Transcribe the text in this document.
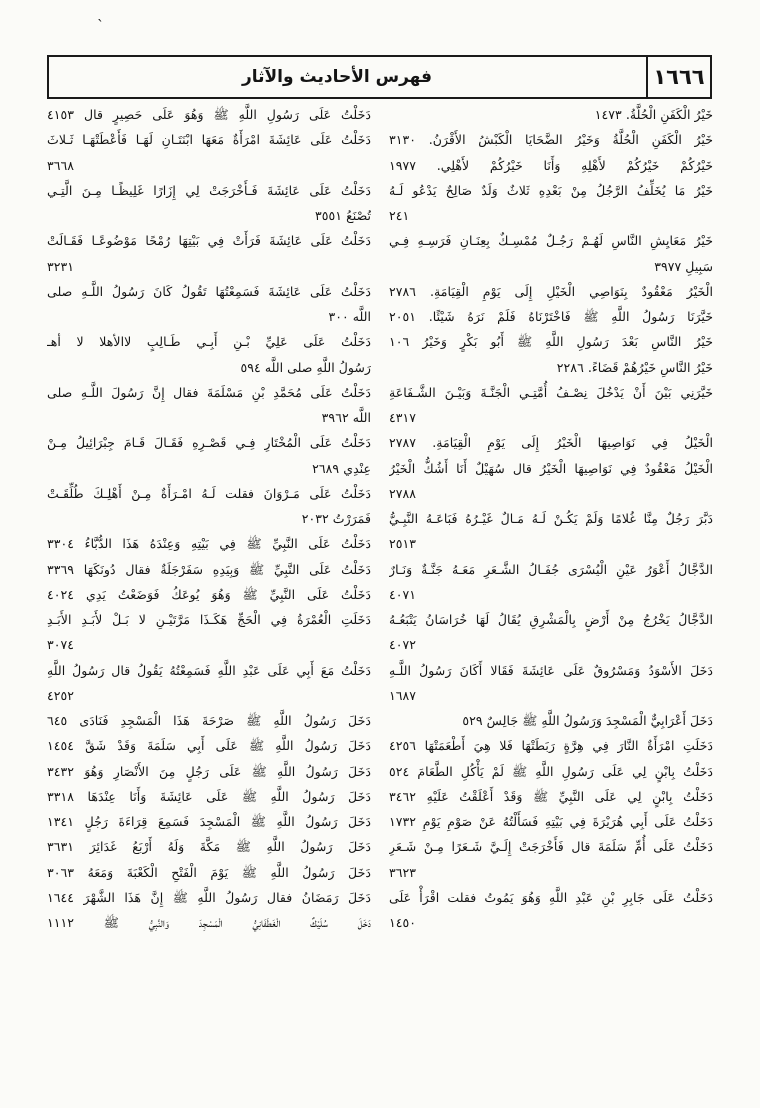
ˎ
١٦٦٦
فهرس الأحاديث والآثار
خَيْرُ الْكَفَنِ الْحُلَّةُ. ١٤٧٣
خَيْرُ الْكَفَنِ الْحُلَّةُ وَخَيْرُ الضَّحَايَا الْكَبْشُ الأَقْرَنُ. ٣١٣٠
خَيْرُكُمْ خَيْرُكُمْ لأَهْلِهِ وَأَنَا خَيْرُكُمْ لأَهْلِي. ١٩٧٧
خَيْرُ مَا يُخَلِّفُ الرَّجُلُ مِنْ بَعْدِهِ ثَلاثٌ وَلَدٌ صَالِحٌ يَدْعُو لَـهُ
٢٤١
خَيْرُ مَعَايِشِ النَّاسِ لَهُـمْ رَجُـلٌ مُمْسِـكٌ بِعِنَـانِ فَرَسِـهِ فِـي
سَبِيلِ ٣٩٧٧
الْخَيْرُ مَعْقُودٌ بِنَوَاصِي الْخَيْلِ إِلَى يَوْمِ الْقِيَامَةِ. ٢٧٨٦
خَيَّرَنَا رَسُولُ اللَّهِ ﷺ فَاخْتَرْنَاهُ فَلَمْ نَرَهُ شَيْئًا. ٢٠٥١
خَيْرُ النَّاسِ بَعْدَ رَسُولِ اللَّهِ ﷺ أَبُو بَكْرٍ وَخَيْرُ ١٠٦
خَيْرُ النَّاسِ خَيْرُهُمْ قَضَاءً. ٢٢٨٦
خَيَّرَنِي بَيْنَ أَنْ يَدْخُلَ نِصْـفُ أُمَّتِـي الْجَنَّـةَ وَبَيْـنَ الشَّـفَاعَةِ
٤٣١٧
الْخَيْلُ فِي نَوَاصِيهَا الْخَيْرُ إِلَى يَوْمِ الْقِيَامَةِ. ٢٧٨٧
الْخَيْلُ مَعْقُودٌ فِي نَوَاصِيهَا الْخَيْرُ قال سُهَيْلٌ أَنَا أَشُكُّ الْخَيْرُ
٢٧٨٨
دَبَّرَ رَجُلٌ مِنَّا غُلامًا وَلَمْ يَكُـنْ لَـهُ مَـالٌ غَيْـرُهُ فَبَاعَـهُ النَّبِـيُّ
٢٥١٣
الدَّجَّالُ أَعْوَرُ عَيْنِ الْيُسْرَى جُفَـالُ الشَّـعَرِ مَعَـهُ جَنَّـةٌ وَنَـارٌ
٤٠٧١
الدَّجَّالُ يَخْرُجُ مِنْ أَرْضٍ بِالْمَشْرِقِ يُقَالُ لَهَا خُرَاسَانُ يَتْبَعُـهُ
٤٠٧٢
دَخَلَ الأَسْوَدُ وَمَسْرُوقٌ عَلَى عَائِشَةَ فَقَالا أَكَانَ رَسُولُ اللَّـهِ
١٦٨٧
دَخَلَ أَعْرَابِيٌّ الْمَسْجِدَ وَرَسُولُ اللَّهِ ﷺ جَالِسٌ ٥٢٩
دَخَلَتِ امْرَأَةٌ النَّارَ فِي هِرَّةٍ رَبَطَتْهَا فَلا هِيَ أَطْعَمَتْهَا ٤٢٥٦
دَخَلْتُ بِابْنٍ لِي عَلَى رَسُولِ اللَّهِ ﷺ لَمْ يَأْكُلِ الطَّعَامَ ٥٢٤
دَخَلْتُ بِابْنٍ لِي عَلَى النَّبِيِّ ﷺ وَقَدْ أَعْلَقْتُ عَلَيْهِ ٣٤٦٢
دَخَلْتُ عَلَى أَبِي هُرَيْرَةَ فِي بَيْتِهِ فَسَأَلْتُهُ عَنْ صَوْمِ يَوْمِ ١٧٣٢
دَخَلْتُ عَلَى أُمِّ سَلَمَةَ قال فَأَخْرَجَتْ إِلَـيَّ شَـعَرًا مِـنْ شَـعَرِ
٣٦٢٣
دَخَلْتُ عَلَى جَابِرِ بْنِ عَبْدِ اللَّهِ وَهُوَ يَمُوتُ فقلت اقْرَأْ عَلَى
١٤٥٠
دَخَلْتُ عَلَى رَسُولِ اللَّهِ ﷺ وَهُوَ عَلَى حَصِيرٍ قال ٤١٥٣
دَخَلْتُ عَلَى عَائِشَةَ امْرَأَةٌ مَعَهَا ابْنَتَـانِ لَهَـا فَأَعْطَتْهَـا ثَـلاثَ
٣٦٦٨
دَخَلْتُ عَلَى عَائِشَةَ فَـأَخْرَجَتْ لِي إِزَارًا غَلِيظًـا مِـنَ الَّتِـي
تُصْنَعُ ٣٥٥١
دَخَلْتُ عَلَى عَائِشَةَ فَرَأَتْ فِي بَيْتِهَا رُمْحًا مَوْضُوعًـا فَقَـالَتْ
٣٢٣١
دَخَلْتُ عَلَى عَائِشَةَ فَسَمِعْتُهَا تَقُولُ كَانَ رَسُولُ اللَّـهِ صلى
اللَّه ٣٠٠
دَخَلْتُ عَلَى عَلِيِّ بْـنِ أَبِـي طَـالِبٍ لاالأهلا لا أهـ
رَسُولُ اللَّهِ صلى اللَّه ٥٩٤
دَخَلْتُ عَلَى مُحَمَّدِ بْنِ مَسْلَمَةَ فقال إِنَّ رَسُولَ اللَّـهِ صلى
اللَّه ٣٩٦٢
دَخَلْتُ عَلَى الْمُخْتَارِ فِـي قَصْـرِهِ فَقَـالَ قَـامَ جِبْرَائِيلُ مِـنْ
عِنْدِي ٢٦٨٩
دَخَلْتُ عَلَى مَـرْوَانَ فقلت لَـهُ امْـرَأَةٌ مِـنْ أَهْلِـكَ طُلِّقَـتْ
فَمَرَرْتُ ٢٠٣٢
دَخَلْتُ عَلَى النَّبِيِّ ﷺ فِي بَيْتِهِ وَعِنْدَهُ هَذَا الدُّبَّاءُ ٣٣٠٤
دَخَلْتُ عَلَى النَّبِيِّ ﷺ وَبِيَدِهِ سَفَرْجَلَةٌ فقال دُونَكَهَا ٣٣٦٩
دَخَلْتُ عَلَى النَّبِيِّ ﷺ وَهُوَ يُوعَكُ فَوَضَعْتُ يَدِي ٤٠٢٤
دَخَلَتِ الْعُمْرَةُ فِي الْحَجِّ هَكَـذَا مَرَّتَيْـنِ لا بَـلْ لأَبَـدِ الأَبَـدِ
٣٠٧٤
دَخَلْتُ مَعَ أَبِي عَلَى عَبْدِ اللَّهِ فَسَمِعْتُهُ يَقُولُ قال رَسُولُ اللَّهِ
٤٢٥٢
دَخَلَ رَسُولُ اللَّهِ ﷺ صَرْحَةَ هَذَا الْمَسْجِدِ فَنَادَى ٦٤٥
دَخَلَ رَسُولُ اللَّهِ ﷺ عَلَى أَبِي سَلَمَةَ وَقَدْ شَقَّ ١٤٥٤
دَخَلَ رَسُولُ اللَّهِ ﷺ عَلَى رَجُلٍ مِنَ الأَنْصَارِ وَهُوَ ٣٤٣٢
دَخَلَ رَسُولُ اللَّهِ ﷺ عَلَى عَائِشَةَ وَأَنَا عِنْدَهَا ٣٣١٨
دَخَلَ رَسُولُ اللَّهِ ﷺ الْمَسْجِدَ فَسَمِعَ قِرَاءَةَ رَجُلٍ ١٣٤١
دَخَلَ رَسُولُ اللَّهِ ﷺ مَكَّةَ وَلَهُ أَرْبَعُ غَدَائِرَ ٣٦٣١
دَخَلَ رَسُولُ اللَّهِ ﷺ يَوْمَ الْفَتْحِ الْكَعْبَةَ وَمَعَهُ ٣٠٦٣
دَخَلَ رَمَضَانُ فقال رَسُولُ اللَّهِ ﷺ إِنَّ هَذَا الشَّهْرَ ١٦٤٤
دَخَلَ سُلَيْكٌ الْغَطَفَانِيُّ الْمَسْجِدَ وَالنَّبِيُّ ﷺ ١١١٢
